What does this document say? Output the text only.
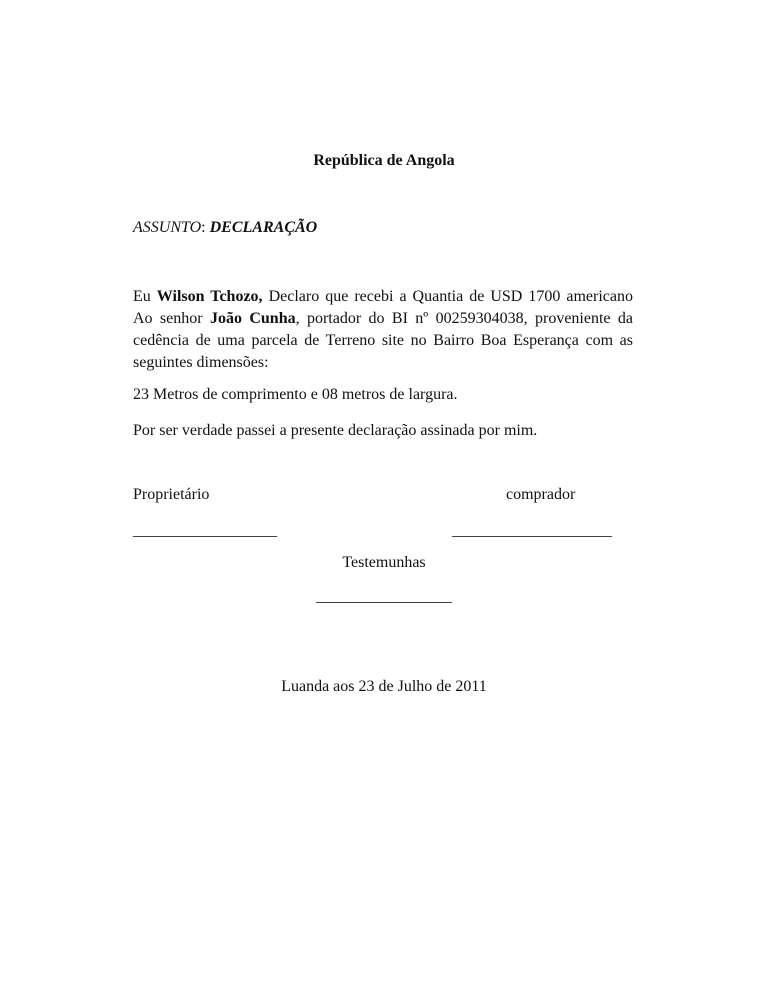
República de Angola
ASSUNTO: DECLARAÇÃO
Eu Wilson Tchozo, Declaro que recebi a Quantia de USD 1700 americano Ao senhor João Cunha, portador do BI nº 00259304038, proveniente da cedência de uma parcela de Terreno site no Bairro Boa Esperança com as seguintes dimensões:
23 Metros de comprimento e 08 metros de largura.
Por ser verdade passei a presente declaração assinada por mim.
Proprietário	comprador
__________________	____________________
Testemunhas
_________________
Luanda aos 23 de Julho de 2011
